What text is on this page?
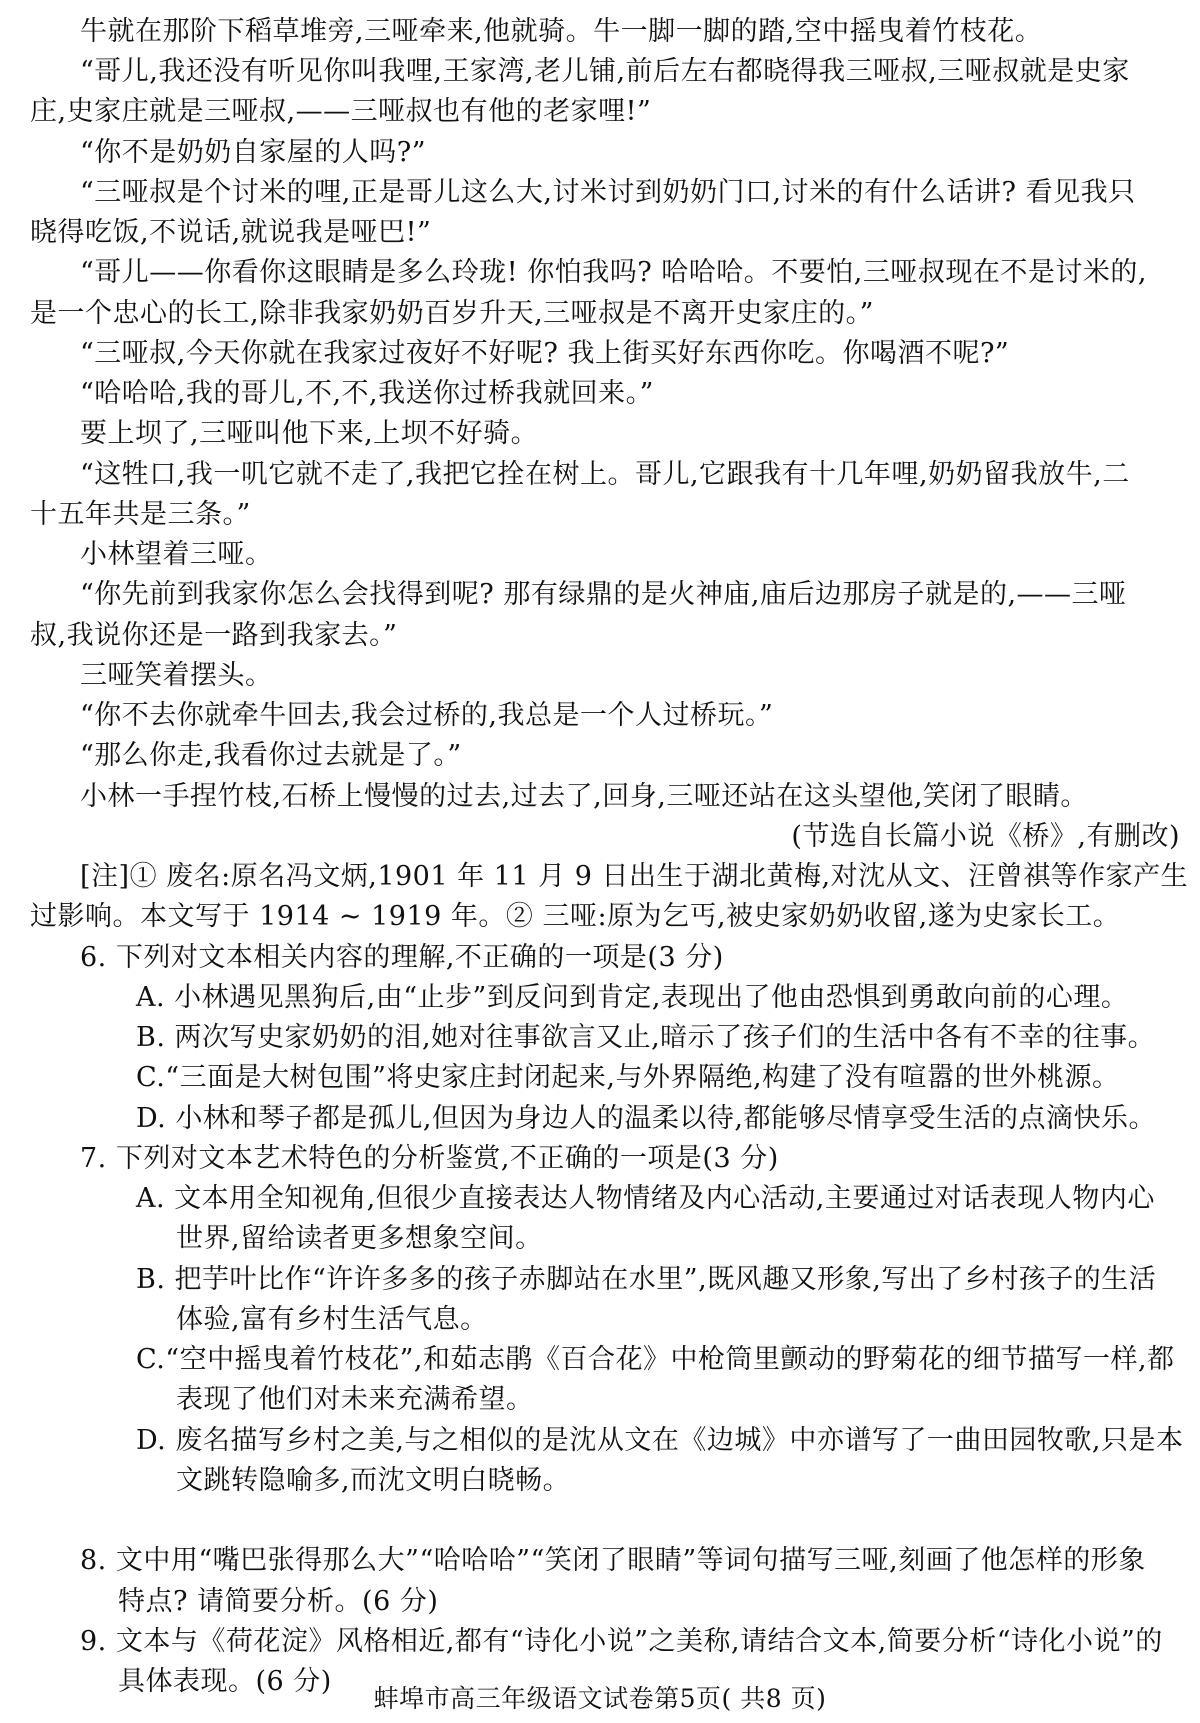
牛就在那阶下稻草堆旁,三哑牵来,他就骑。牛一脚一脚的踏,空中摇曳着竹枝花。
“哥儿,我还没有听见你叫我哩,王家湾,老儿铺,前后左右都晓得我三哑叔,三哑叔就是史家
庄,史家庄就是三哑叔,——三哑叔也有他的老家哩!”
“你不是奶奶自家屋的人吗?”
“三哑叔是个讨米的哩,正是哥儿这么大,讨米讨到奶奶门口,讨米的有什么话讲? 看见我只
晓得吃饭,不说话,就说我是哑巴!”
“哥儿——你看你这眼睛是多么玲珑! 你怕我吗? 哈哈哈。不要怕,三哑叔现在不是讨米的,
是一个忠心的长工,除非我家奶奶百岁升天,三哑叔是不离开史家庄的。”
“三哑叔,今天你就在我家过夜好不好呢? 我上街买好东西你吃。你喝酒不呢?”
“哈哈哈,我的哥儿,不,不,我送你过桥我就回来。”
要上坝了,三哑叫他下来,上坝不好骑。
“这牲口,我一叽它就不走了,我把它拴在树上。哥儿,它跟我有十几年哩,奶奶留我放牛,二
十五年共是三条。”
小林望着三哑。
“你先前到我家你怎么会找得到呢? 那有绿鼎的是火神庙,庙后边那房子就是的,——三哑
叔,我说你还是一路到我家去。”
三哑笑着摆头。
“你不去你就牵牛回去,我会过桥的,我总是一个人过桥玩。”
“那么你走,我看你过去就是了。”
小林一手捏竹枝,石桥上慢慢的过去,过去了,回身,三哑还站在这头望他,笑闭了眼睛。
(节选自长篇小说《桥》,有删改)
[注]① 废名:原名冯文炳,1901 年 11 月 9 日出生于湖北黄梅,对沈从文、汪曾祺等作家产生
过影响。本文写于 1914 ~ 1919 年。② 三哑:原为乞丐,被史家奶奶收留,遂为史家长工。
6. 下列对文本相关内容的理解,不正确的一项是(3 分)
A. 小林遇见黑狗后,由“止步”到反问到肯定,表现出了他由恐惧到勇敢向前的心理。
B. 两次写史家奶奶的泪,她对往事欲言又止,暗示了孩子们的生活中各有不幸的往事。
C.“三面是大树包围”将史家庄封闭起来,与外界隔绝,构建了没有喧嚣的世外桃源。
D. 小林和琴子都是孤儿,但因为身边人的温柔以待,都能够尽情享受生活的点滴快乐。
7. 下列对文本艺术特色的分析鉴赏,不正确的一项是(3 分)
A. 文本用全知视角,但很少直接表达人物情绪及内心活动,主要通过对话表现人物内心
世界,留给读者更多想象空间。
B. 把芋叶比作“许许多多的孩子赤脚站在水里”,既风趣又形象,写出了乡村孩子的生活
体验,富有乡村生活气息。
C.“空中摇曳着竹枝花”,和茹志鹃《百合花》中枪筒里颤动的野菊花的细节描写一样,都
表现了他们对未来充满希望。
D. 废名描写乡村之美,与之相似的是沈从文在《边城》中亦谱写了一曲田园牧歌,只是本
文跳转隐喻多,而沈文明白晓畅。
8. 文中用“嘴巴张得那么大”“哈哈哈”“笑闭了眼睛”等词句描写三哑,刻画了他怎样的形象
特点? 请简要分析。(6 分)
9. 文本与《荷花淀》风格相近,都有“诗化小说”之美称,请结合文本,简要分析“诗化小说”的
具体表现。(6 分)
蚌埠市高三年级语文试卷第5页( 共8 页)
